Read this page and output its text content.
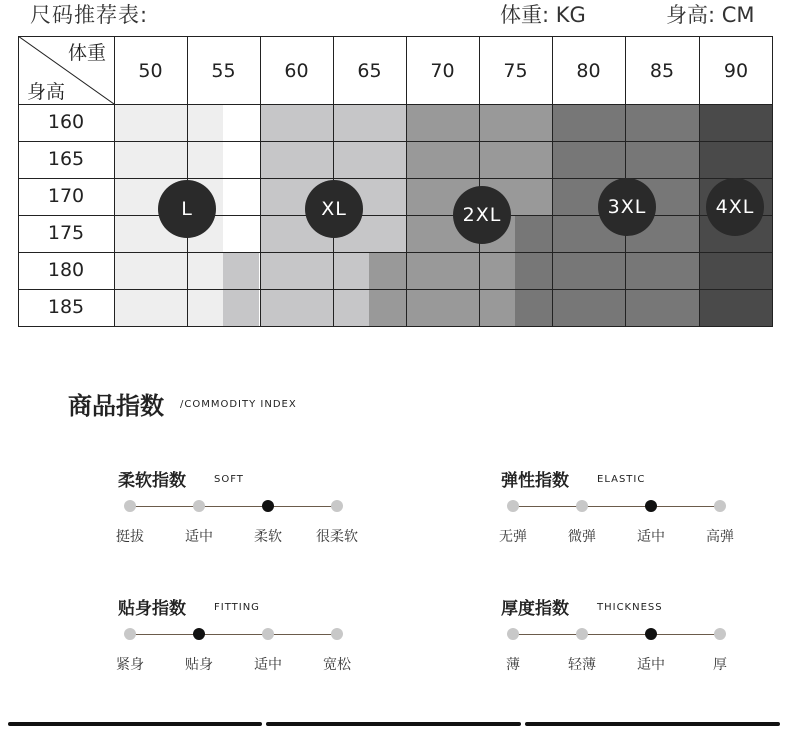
尺码推荐表:	体重: KG	身高: CM
体重
身高
50	55	60	65	70	75	80	85	90
160
165
170
175
180
185
L	XL	2XL	3XL	4XL
商品指数 /COMMODITY INDEX
柔软指数	SOFT
挺拔	适中	柔软	很柔软
弹性指数	ELASTIC
无弹	微弹	适中	高弹
贴身指数	FITTING
紧身	贴身	适中	宽松
厚度指数	THICKNESS
薄	轻薄	适中	厚
